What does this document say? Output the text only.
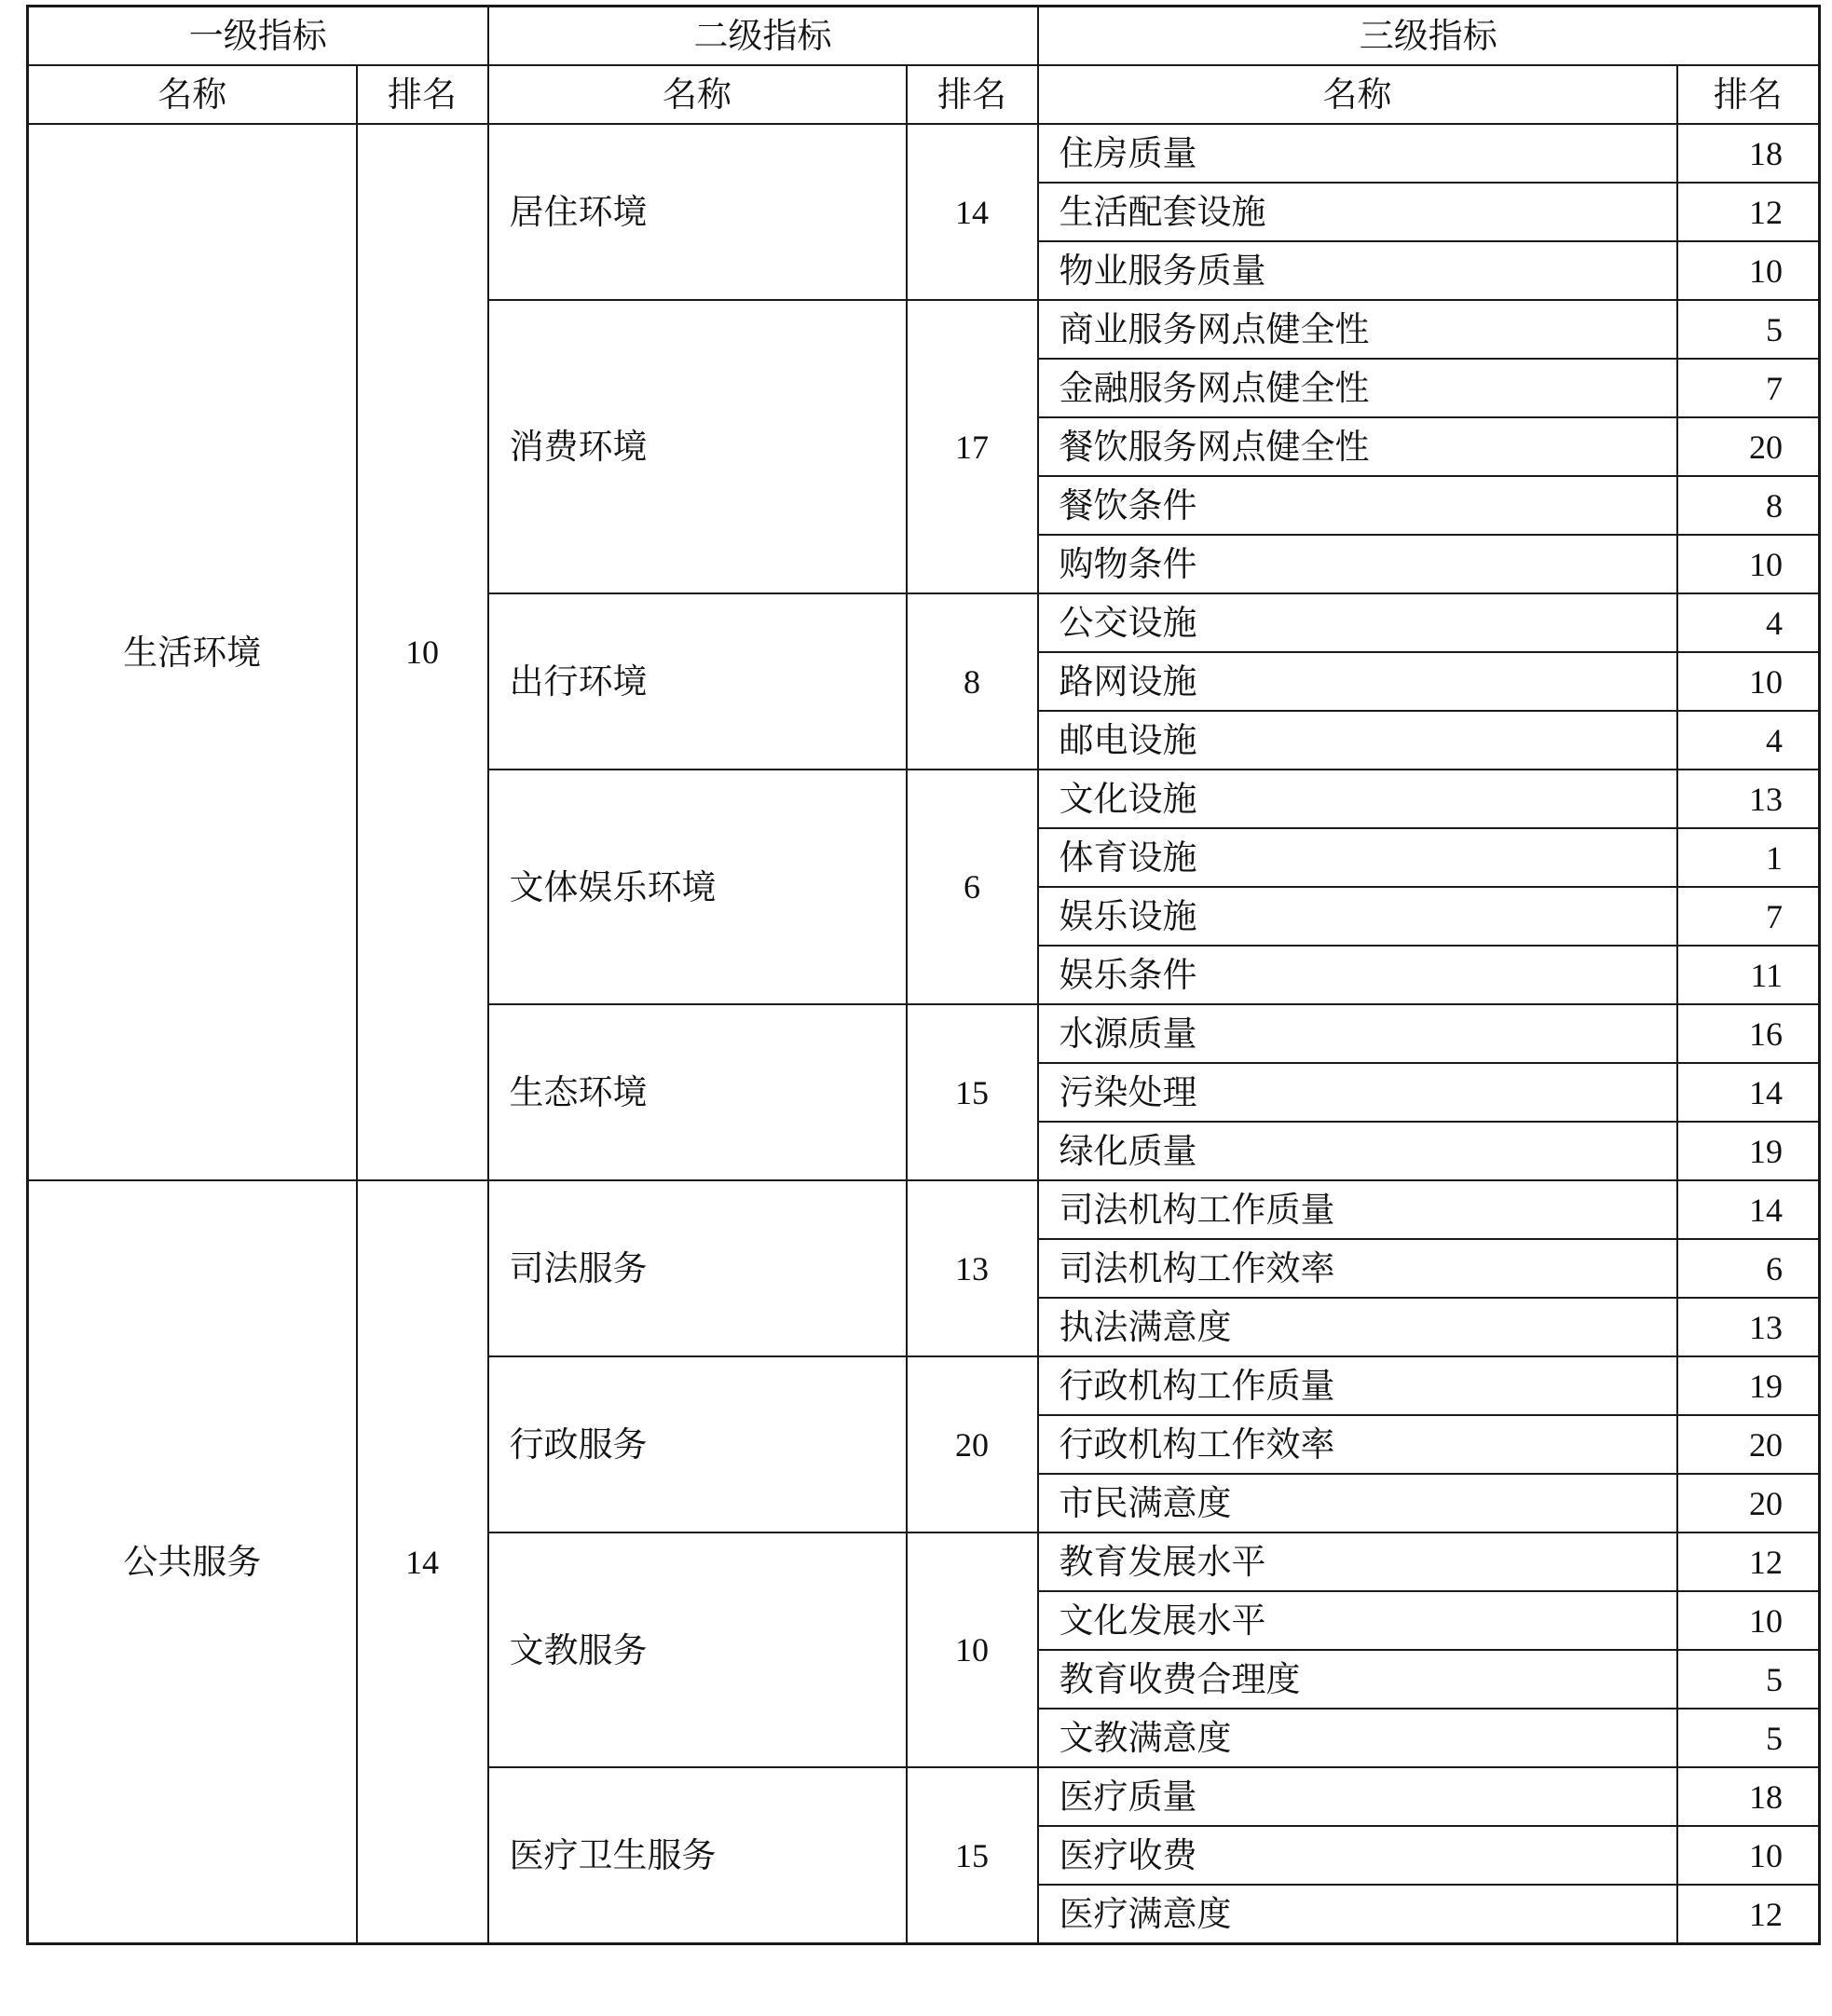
一级指标		二级指标		三级指标	
名称	排名	名称	排名	名称	排名
生活环境	10	居住环境	14	住房质量	18
				生活配套设施	12
				物业服务质量	10
		消费环境	17	商业服务网点健全性	5
				金融服务网点健全性	7
				餐饮服务网点健全性	20
				餐饮条件	8
				购物条件	10
		出行环境	8	公交设施	4
				路网设施	10
				邮电设施	4
		文体娱乐环境	6	文化设施	13
				体育设施	1
				娱乐设施	7
				娱乐条件	11
		生态环境	15	水源质量	16
				污染处理	14
				绿化质量	19
公共服务	14	司法服务	13	司法机构工作质量	14
				司法机构工作效率	6
				执法满意度	13
		行政服务	20	行政机构工作质量	19
				行政机构工作效率	20
				市民满意度	20
		文教服务	10	教育发展水平	12
				文化发展水平	10
				教育收费合理度	5
				文教满意度	5
		医疗卫生服务	15	医疗质量	18
				医疗收费	10
				医疗满意度	12
